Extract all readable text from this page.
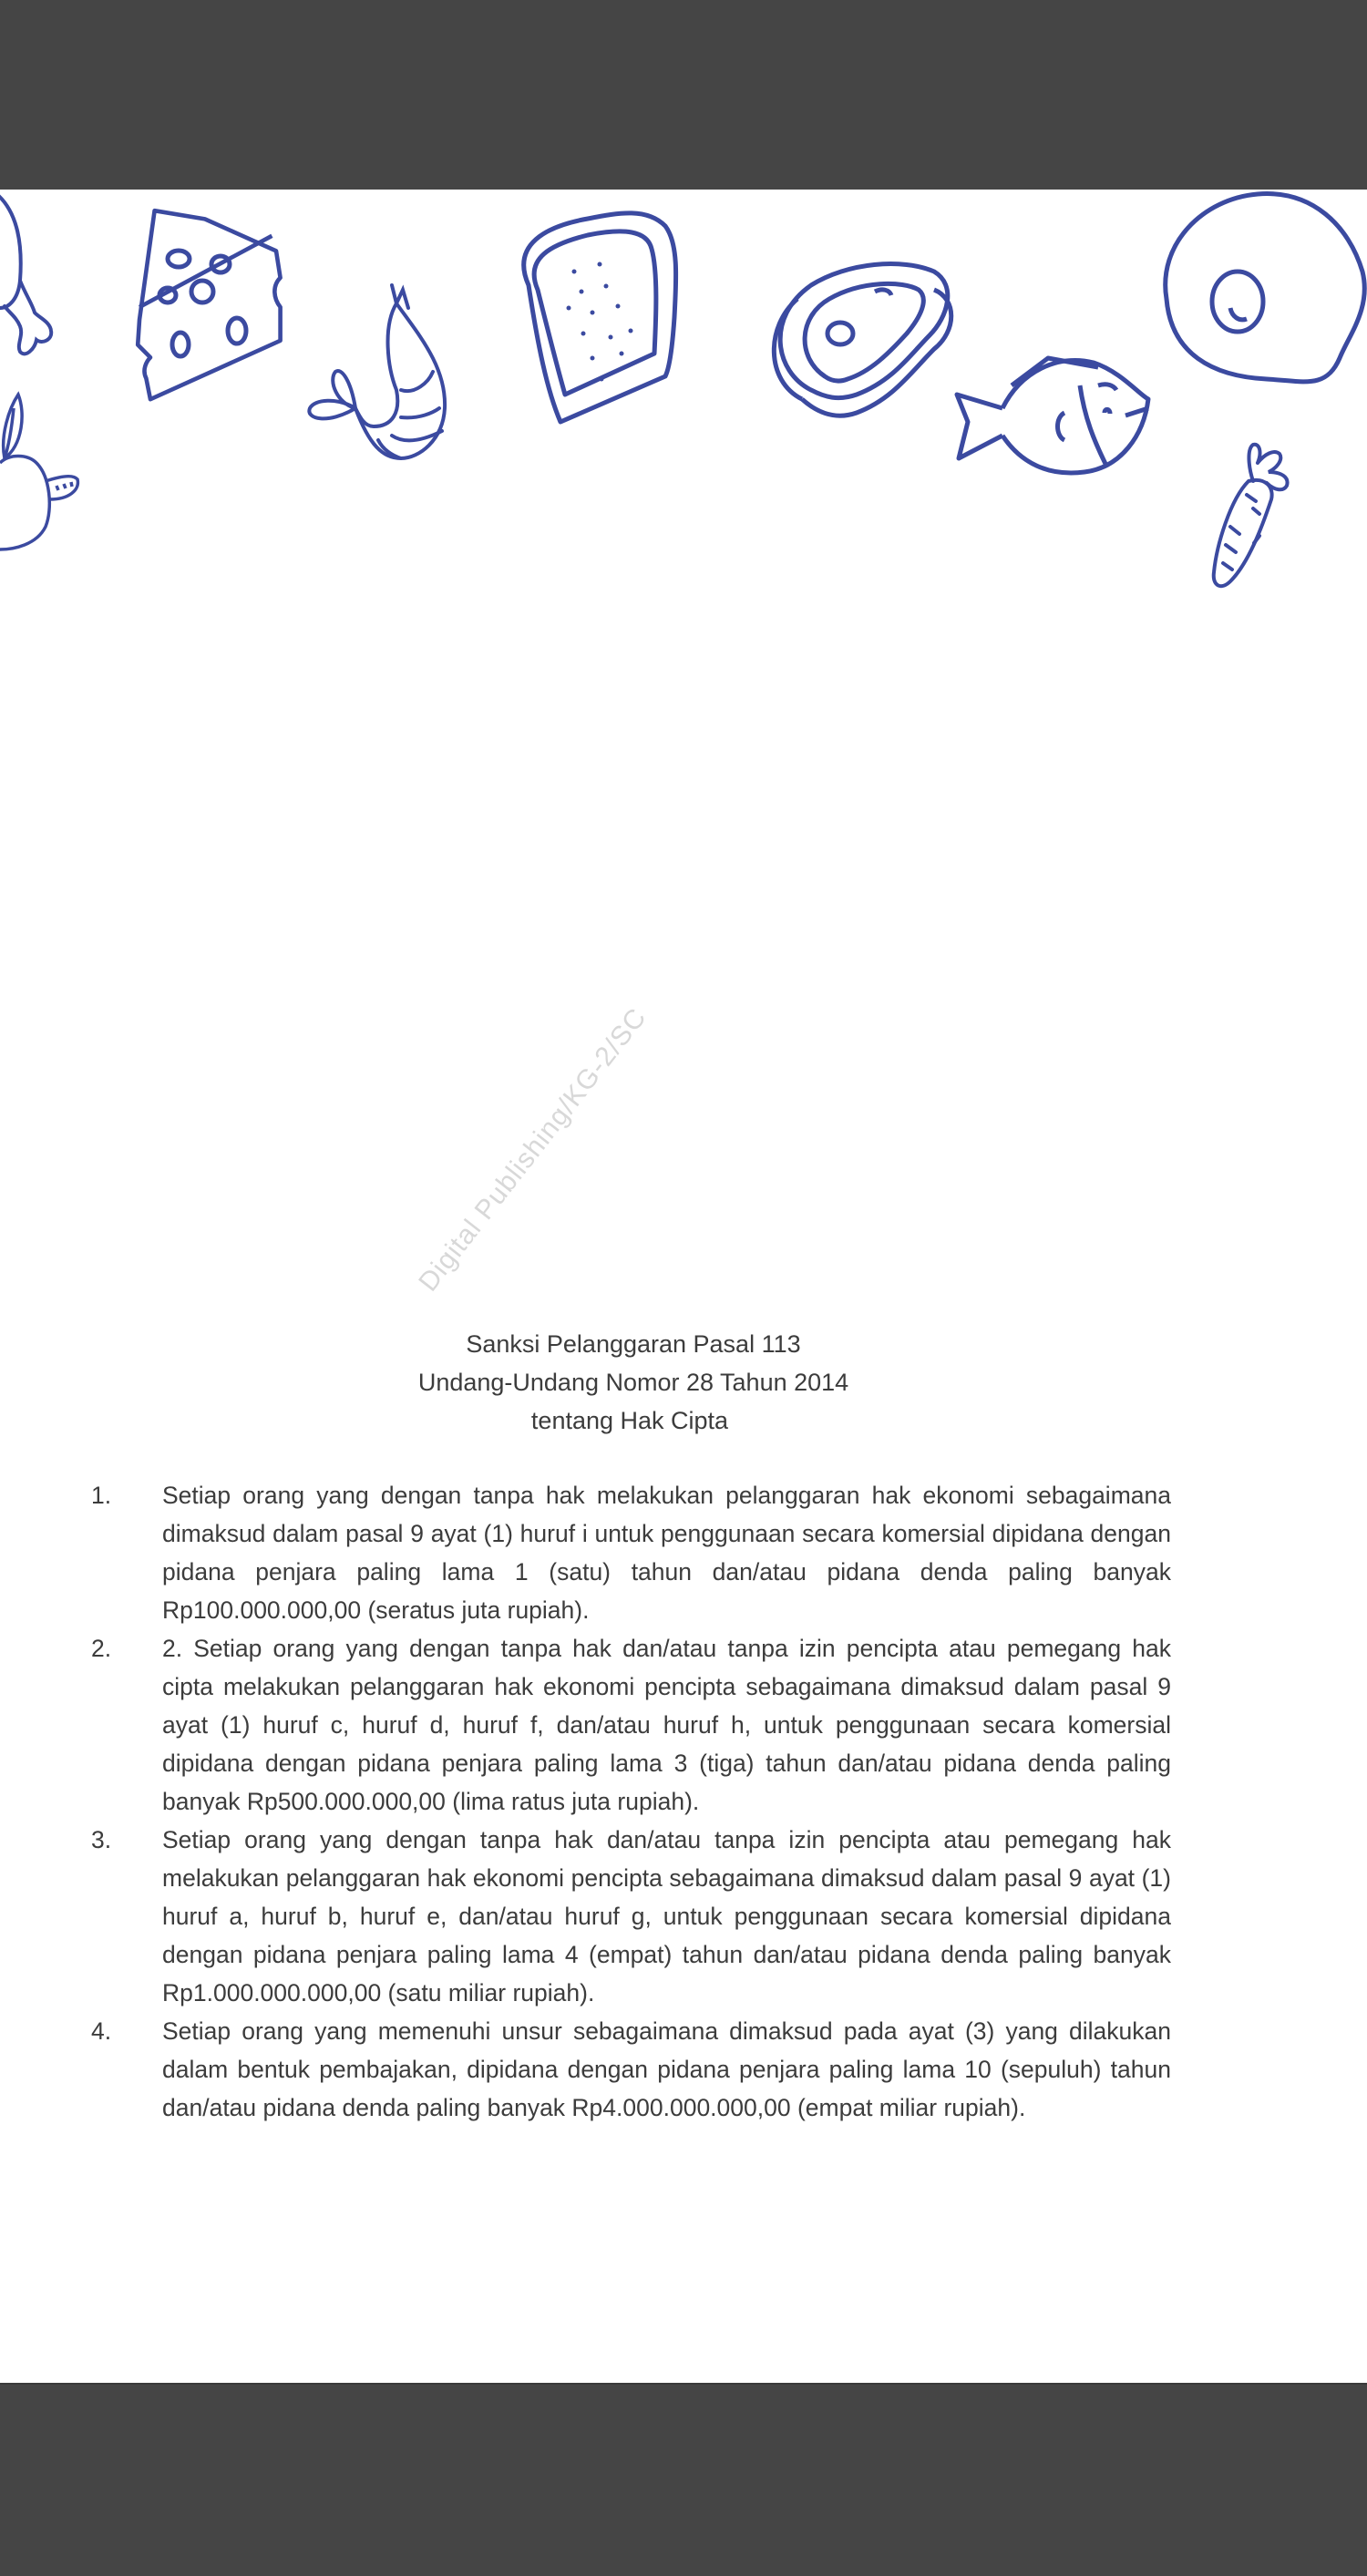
Digital Publishing/KG-2/SC
Sanksi Pelanggaran Pasal 113
Undang-Undang Nomor 28 Tahun 2014
tentang Hak Cipta
1. Setiap orang yang dengan tanpa hak melakukan pelanggaran hak ekonomi sebagaimana dimaksud dalam pasal 9 ayat (1) huruf i untuk penggunaan secara komersial dipidana dengan pidana penjara paling lama 1 (satu) tahun dan/atau pidana denda paling banyak Rp100.000.000,00 (seratus juta rupiah).
2. 2. Setiap orang yang dengan tanpa hak dan/atau tanpa izin pencipta atau pemegang hak cipta melakukan pelanggaran hak ekonomi pencipta sebagaimana dimaksud dalam pasal 9 ayat (1) huruf c, huruf d, huruf f, dan/atau huruf h, untuk penggunaan secara komersial dipidana dengan pidana penjara paling lama 3 (tiga) tahun dan/atau pidana denda paling banyak Rp500.000.000,00 (lima ratus juta rupiah).
3. Setiap orang yang dengan tanpa hak dan/atau tanpa izin pencipta atau pemegang hak melakukan pelanggaran hak ekonomi pencipta sebagaimana dimaksud dalam pasal 9 ayat (1) huruf a, huruf b, huruf e, dan/atau huruf g, untuk penggunaan secara komersial dipidana dengan pidana penjara paling lama 4 (empat) tahun dan/atau pidana denda paling banyak Rp1.000.000.000,00 (satu miliar rupiah).
4. Setiap orang yang memenuhi unsur sebagaimana dimaksud pada ayat (3) yang dilakukan dalam bentuk pembajakan, dipidana dengan pidana penjara paling lama 10 (sepuluh) tahun dan/atau pidana denda paling banyak Rp4.000.000.000,00 (empat miliar rupiah).
